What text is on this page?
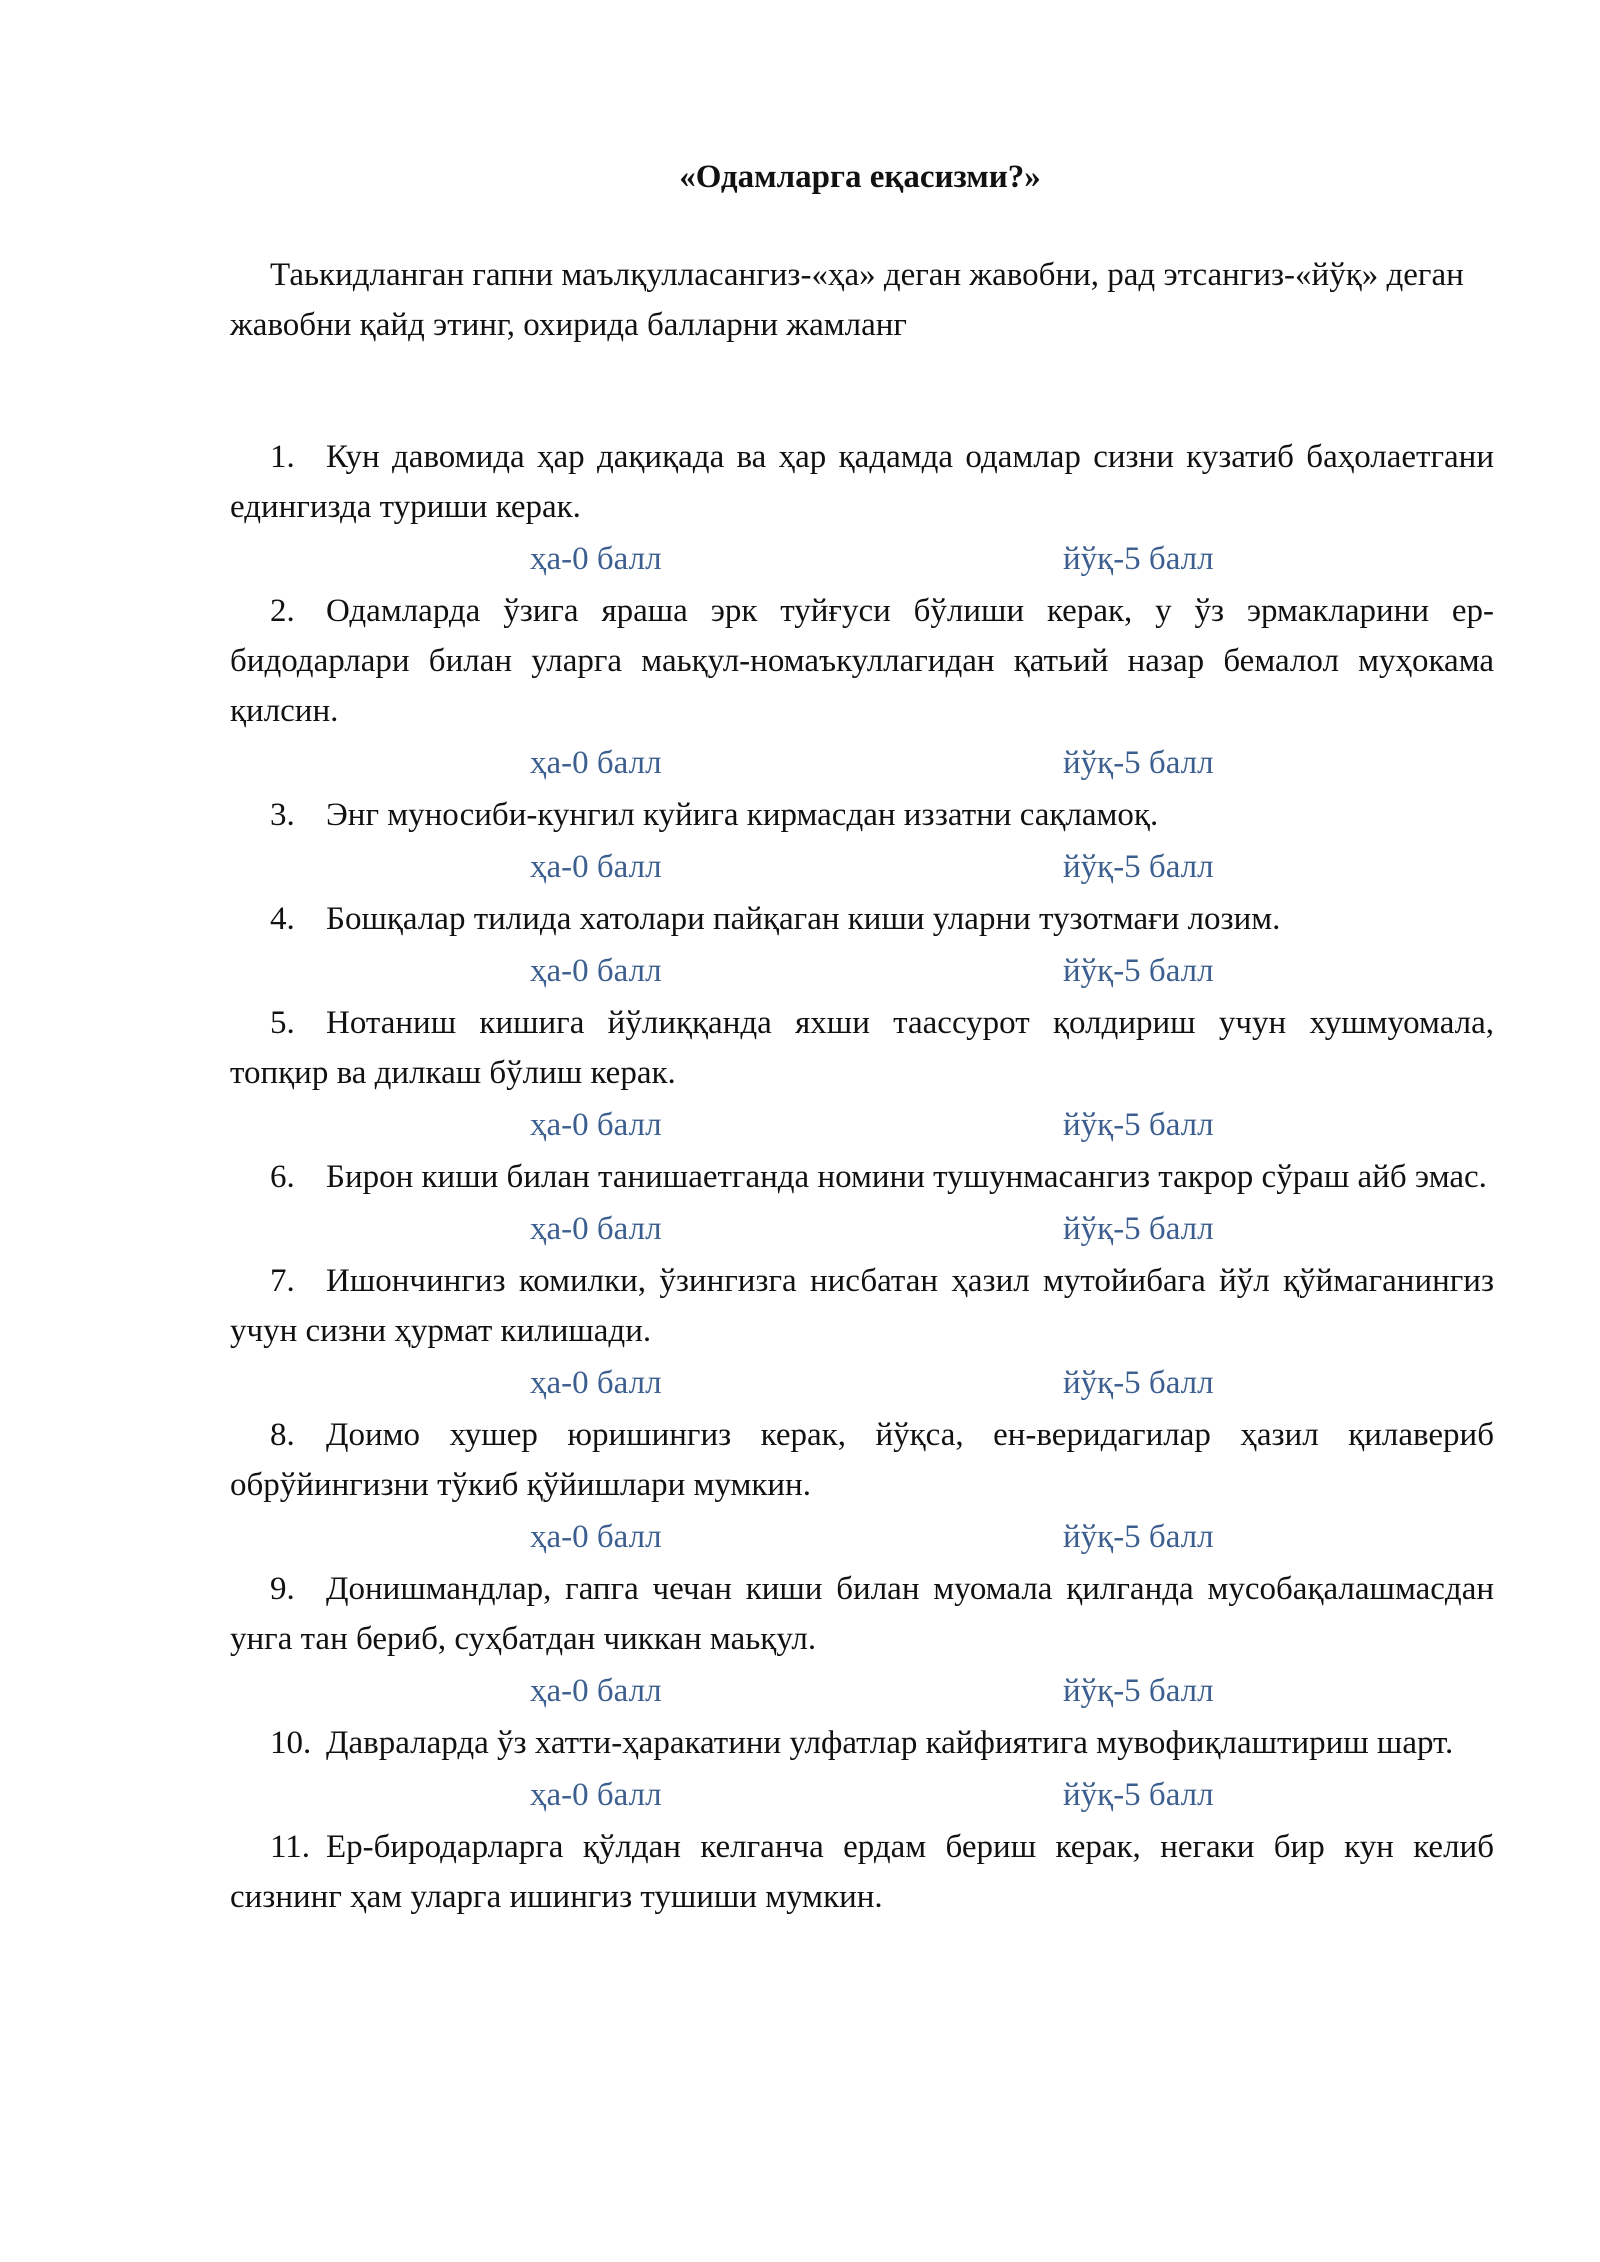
«Одамларга еқасизми?»
Таькидланган гапни маълқулласангиз-«ҳа» деган жавобни, рад этсангиз-«йўқ» деган жавобни қайд этинг, охирида балларни жамланг
1. Кун давомида ҳар дақиқада ва ҳар қадамда одамлар сизни кузатиб баҳолаетгани едингизда туриши керак.
ҳа-0 балл	йўқ-5 балл
2. Одамларда ўзига яраша эрк туйғуси бўлиши керак, у ўз эрмакларини ер-бидодарлари билан уларга маьқул-номаъкуллагидан қатьий назар бемалол муҳокама қилсин.
ҳа-0 балл	йўқ-5 балл
3. Энг муносиби-кунгил куйига кирмасдан иззатни сақламоқ.
ҳа-0 балл	йўқ-5 балл
4. Бошқалар тилида хатолари пайқаган киши уларни тузотмағи лозим.
ҳа-0 балл	йўқ-5 балл
5. Нотаниш кишига йўлиққанда яхши таассурот қолдириш учун хушмуомала, топқир ва дилкаш бўлиш керак.
ҳа-0 балл	йўқ-5 балл
6. Бирон киши билан танишаетганда номини тушунмасангиз такрор сўраш айб эмас.
ҳа-0 балл	йўқ-5 балл
7. Ишончингиз комилки, ўзингизга нисбатан ҳазил мутойибага йўл қўймаганингиз учун сизни ҳурмат килишади.
ҳа-0 балл	йўқ-5 балл
8. Доимо хушер юришингиз керак, йўқса, ен-веридагилар ҳазил қилавериб обрўйингизни тўкиб қўйишлари мумкин.
ҳа-0 балл	йўқ-5 балл
9. Донишмандлар, гапга чечан киши билан муомала қилганда мусобақалашмасдан унга тан бериб, суҳбатдан чиккан маьқул.
ҳа-0 балл	йўқ-5 балл
10. Давраларда ўз хатти-ҳаракатини улфатлар кайфиятига мувофиқлаштириш шарт.
ҳа-0 балл	йўқ-5 балл
11. Ер-биродарларга қўлдан келганча ердам бериш керак, негаки бир кун келиб сизнинг ҳам уларга ишингиз тушиши мумкин.
